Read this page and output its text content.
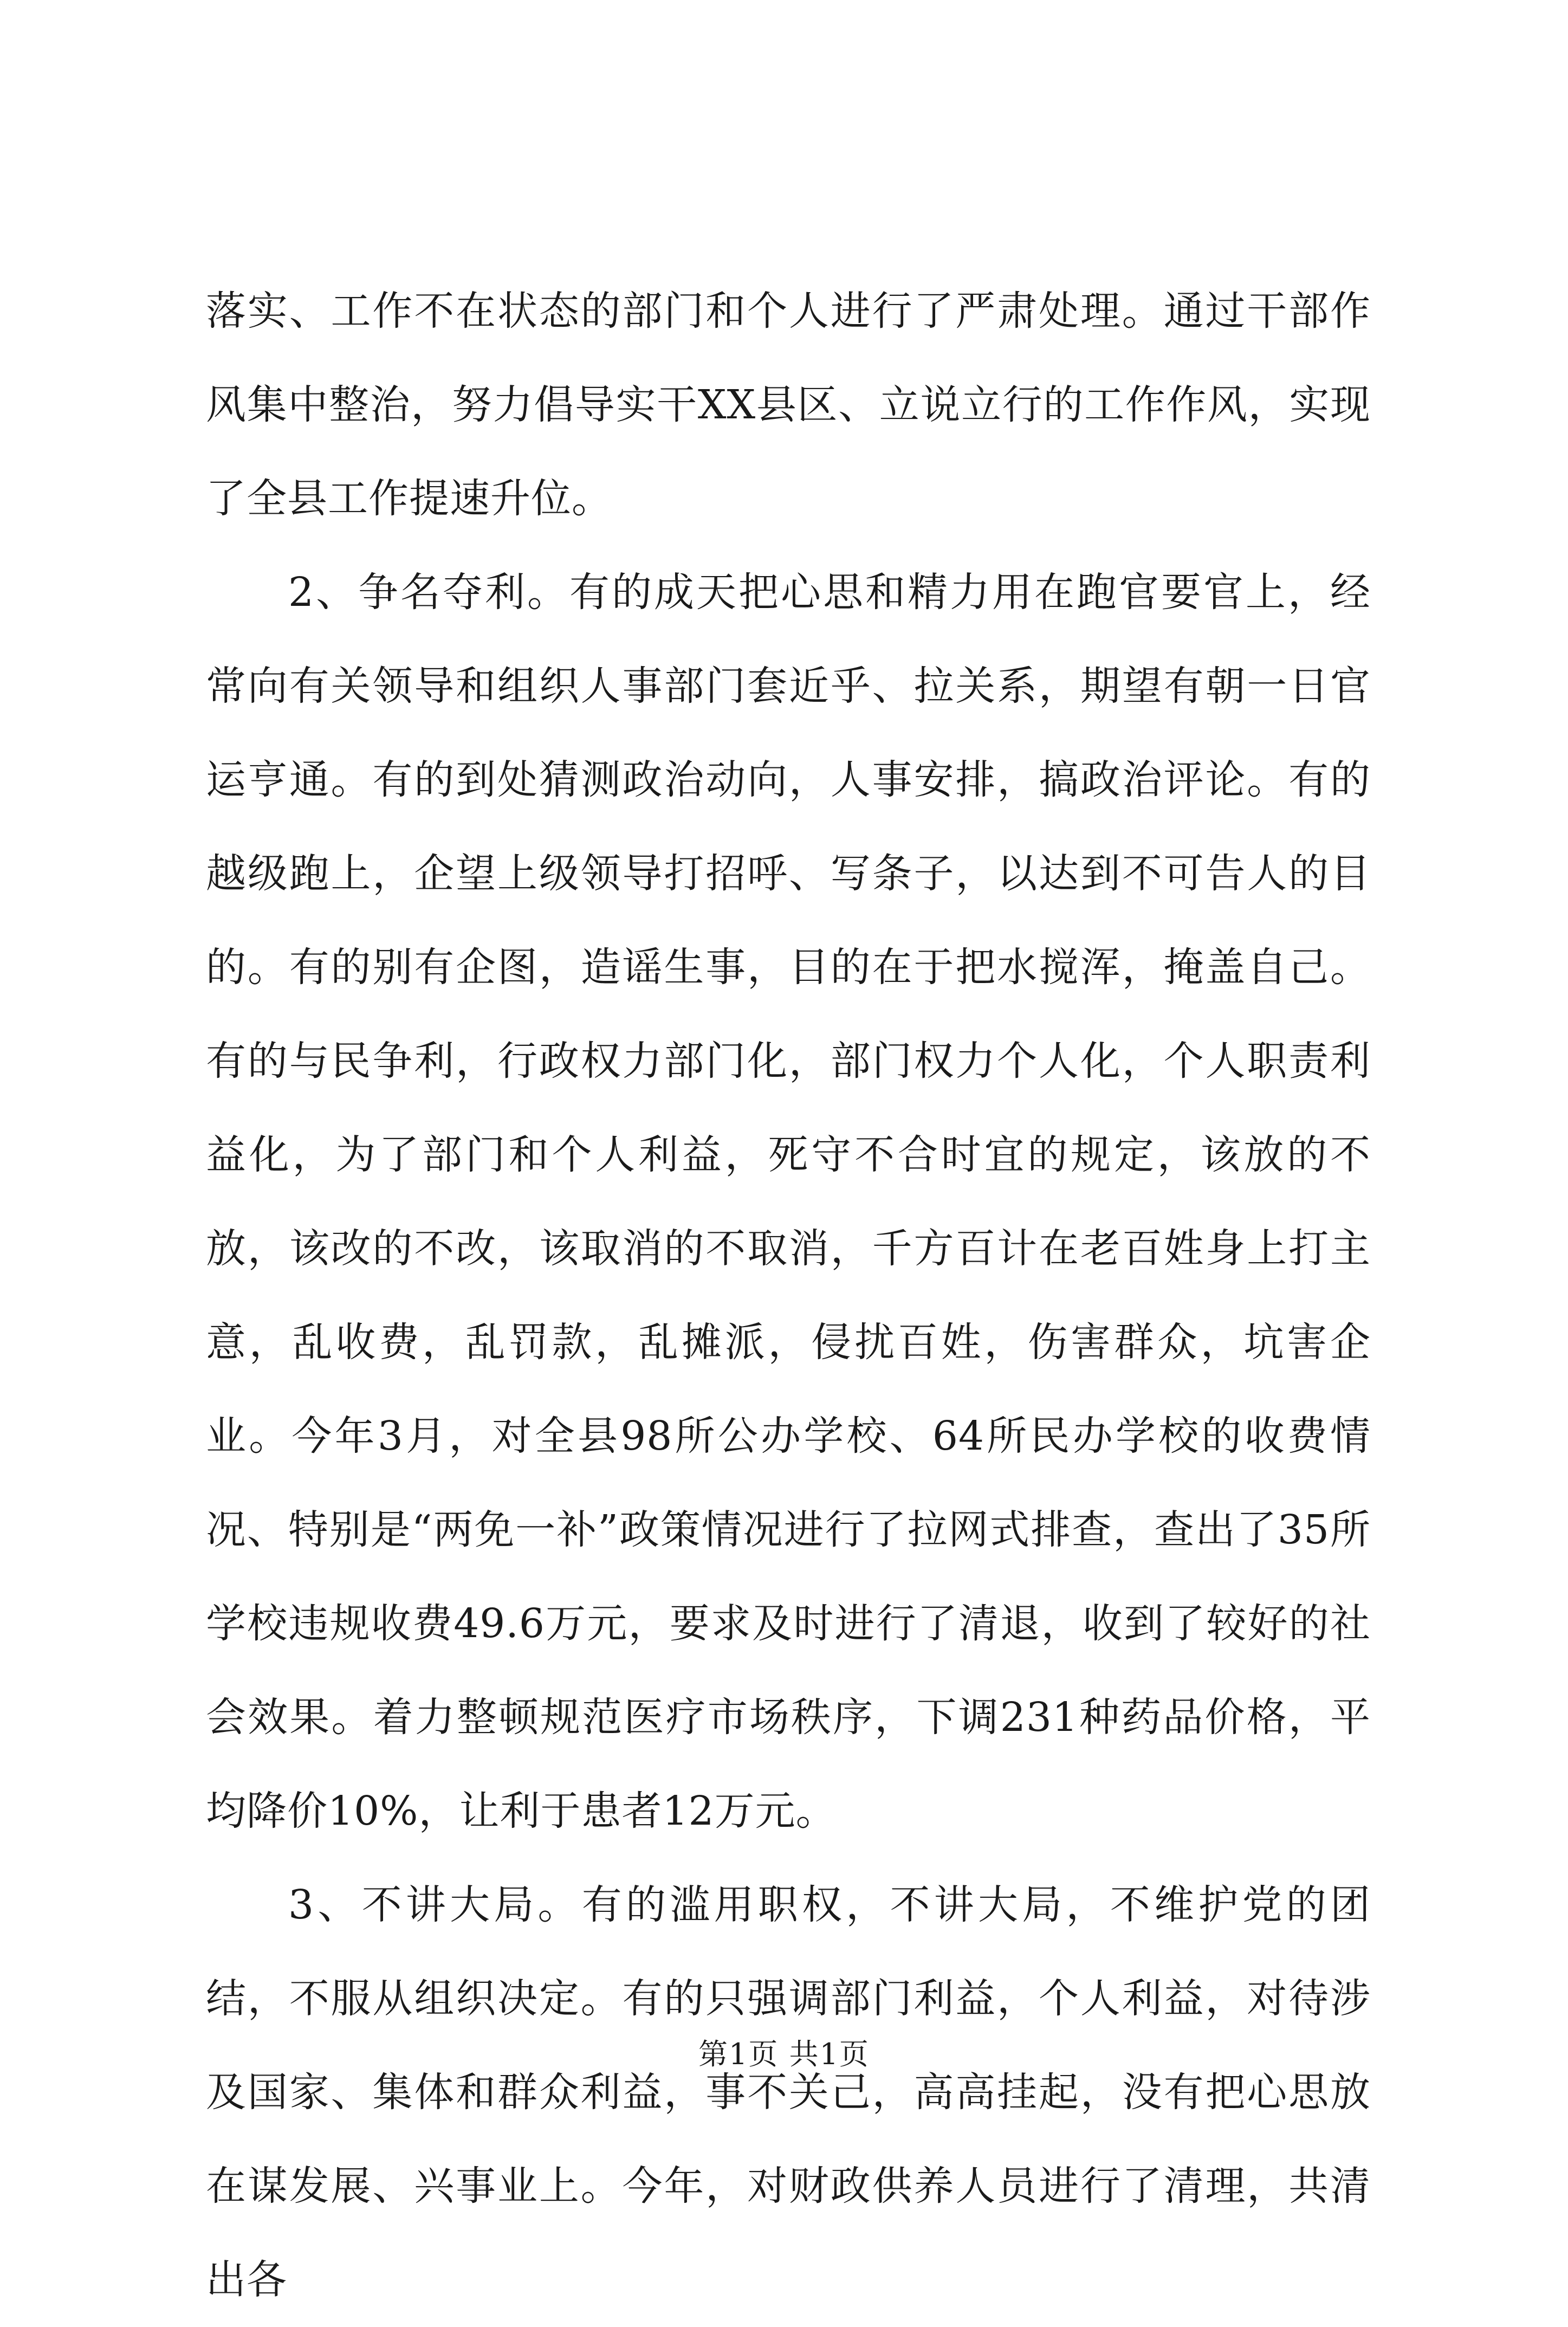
落实、工作不在状态的部门和个人进行了严肃处理。通过干部作风集中整治，努力倡导实干XX县区、立说立行的工作作风，实现了全县工作提速升位。

2、争名夺利。有的成天把心思和精力用在跑官要官上，经常向有关领导和组织人事部门套近乎、拉关系，期望有朝一日官运亨通。有的到处猜测政治动向，人事安排，搞政治评论。有的越级跑上，企望上级领导打招呼、写条子，以达到不可告人的目的。有的别有企图，造谣生事，目的在于把水搅浑，掩盖自己。有的与民争利，行政权力部门化，部门权力个人化，个人职责利益化，为了部门和个人利益，死守不合时宜的规定，该放的不放，该改的不改，该取消的不取消，千方百计在老百姓身上打主意，乱收费，乱罚款，乱摊派，侵扰百姓，伤害群众，坑害企业。今年3月，对全县98所公办学校、64所民办学校的收费情况、特别是“两免一补”政策情况进行了拉网式排查，查出了35所学校违规收费49.6万元，要求及时进行了清退，收到了较好的社会效果。着力整顿规范医疗市场秩序，下调231种药品价格，平均降价10%，让利于患者12万元。

3、不讲大局。有的滥用职权，不讲大局，不维护党的团结，不服从组织决定。有的只强调部门利益，个人利益，对待涉及国家、集体和群众利益，事不关己，高高挂起，没有把心思放在谋发展、兴事业上。今年，对财政供养人员进行了清理，共清出各

第1页 共1页
